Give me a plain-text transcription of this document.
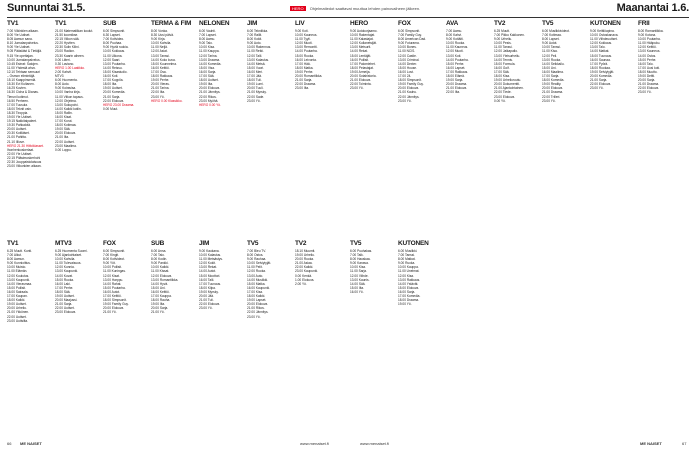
Sunnuntai 31.5.	HERO Ohjelmatiedot saattavat muuttua lehden painovaiheen jälkeen.	Maanantai 1.6.
TV1
7.00 Viikinkien aikaan.
8.00 Yle Uutiset.
8.05 Aamun sana.
8.10 Jumalanpalvelus.
9.00 Yle Uutiset.
9.05 Pääsiäist & Tietäjiä.
9.15 Yle opettajan.
10.00 Jumalanpalvelus.
10.45 Esirrat: Satojen.
11.00 Yhdestä ahvo.
12.10 Tehtaan sensuuri
– Osmon elimintäjä.
15.10 Kaappinseniä.
15.30 Evi Kultanen.
16.25 Kuvien.
16.30 Cicha & Dianas.
Tieruni kotimut.
16.50 Perheen.
17.00 Tuusula.
18.00 Teknit vain.
18.30 Tiroppia.
19.00 Yle Uutiset.
19.15 Nakkitaipaleet.
19.30 Pahkalotä.
20.00 Uutiset.
20.30 Kotiläiset.
21.00 Pahitta.
21.10 Illiuve.
HERO 21.30 Hiifoiklasset.
Ihonhenkoskerlaat.
22.00 Yle Uutiset.
22.15 Pitäsimoskerhohi
22.30 Jouppaistolaisuus
23.00 Viikunkien aikaan.
TV1
21.00 Matematiikan koulut.
21.50 koomikse.
22.15 Viikon sää.
22.20 Hyviten.
22.30 Sulin Kliini.
23.00 Radion.
23.30 Kaarin aiheen.
0.00 Liiteri.
0.30 Laviano.
HERO 1.00 Laatikko.
2.00 Kahvit.
MTV3
6.00 Huomenta.
8.00 Auto.
9.00 Koiravisa.
10.00 Vanha kirja.
11.00 Viikon tapaus.
12.00 Ohjelma.
13.00 Sukupolvi.
14.00 Kaikki kotiin.
15.00 Rallin.
16.00 Kisat.
17.00 Korut.
18.00 Kotimaa.
19.00 Sää.
20.00 Elokuva.
21.00 Ilta.
22.00 Uutiset.
23.00 Maailma.
0.00 Loppu.
SUB
6.00 Simpsonit.
6.30 Lapset.
7.00 Kotivideo.
8.00 Puuhaa.
9.00 Hyviä ruokia.
10.00 Kokkaus.
11.00 Ulkona.
12.00 Saari.
13.00 Puutarha.
14.00 Reissu.
15.00 Kisastudio.
16.00 Koti.
17.00 Kuppila.
18.00 Ilta.
19.00 Uutiset.
20.00 Komedia.
21.00 Sarja.
22.00 Elokuva.
HERO 23.00 Draama.
0.00 Muut.
TERMA & FIM
8.00 Vonka.
8.30 Uusi päivä.
9.00 Kirja.
10.00 Kahvila.
11.00 Neljä.
12.00 Asiat.
13.00 Tanssi.
14.00 Koko kuva.
15.00 Kuunnelma.
16.00 Keittiö.
17.00 Osa.
18.00 Rakkaus.
19.00 Perhe.
20.00 Vieras.
21.00 Tarina.
22.00 Ilta.
23.00 Yö.
HERO 0.00 Klassikko.
NELONEN
6.00 Vauhti.
7.00 Lapset.
8.00 Aamu.
9.00 Talo.
10.00 Kisa.
11.00 Kauppa.
12.00 Tarina.
13.00 Draama.
14.00 Komedia.
15.00 Visa.
16.00 Sarja.
17.00 Sää.
18.00 Uutiset.
19.00 Ilta.
20.00 Elokuva.
21.00 Jännitys.
22.00 Rikos.
23.00 Myöhä.
HERO 0.00 Yö.
JIM
6.00 Tekniikka.
7.00 Rallit.
8.00 Kokit.
9.00 Auto.
10.00 Rakennus.
11.00 Retki.
12.00 Talli.
13.00 Kalastus.
14.00 Metsä.
15.00 Vuori.
16.00 Meri.
17.00 Jää.
18.00 Tuli.
19.00 Lumi.
20.00 Tuuli.
21.00 Myrsky.
22.00 Sade.
23.00 Yö.
LIV
9.00 Koti.
10.00 Kauneus.
11.00 Tyyli.
12.00 Muoti.
13.00 Remontti.
14.00 Puutarha.
15.00 Ruoka.
16.00 Leivonta.
17.00 Hää.
18.00 Matka.
19.00 Perhe.
20.00 Romantiikka.
21.00 Sarja.
22.00 Draama.
23.00 Ilta.
HERO
9.00 Autokorjaamo.
10.00 Rakentajat.
11.00 Kalastajat.
12.00 Kullanetsijät.
13.00 Metsurit.
14.00 Rekat.
15.00 Lentäjät.
16.00 Poliisit.
17.00 Palomiehet.
18.00 Pelastajat.
19.00 Armeija.
20.00 Sotahistoria.
21.00 Elokuva.
22.00 Toiminta.
23.00 Yö.
FOX
6.00 Simpsonit.
7.00 Family Guy.
8.00 American Dad.
9.00 Futurama.
10.00 Bones.
11.00 NCIS.
12.00 Castle.
13.00 Criminal.
14.00 Dexter.
15.00 House.
16.00 Lost.
17.00 24.
18.00 Simpsonit.
19.00 Family Guy.
20.00 Elokuva.
21.00 Kauhu.
22.00 Jännitys.
23.00 Yö.
AVA
7.00 Aamu.
8.00 Kahvi.
9.00 Kotiäiti.
10.00 Ruoka.
11.00 Kauneus.
12.00 Muoti.
13.00 Koti.
14.00 Puutarha.
15.00 Perhe.
16.00 Lapset.
17.00 Rakkaus.
18.00 Elämä.
19.00 Sarja.
20.00 Draama.
21.00 Elokuva.
22.00 Ilta.
TV2
6.25 Muutt.
7.00 Pikku Kakkonen.
9.00 Urheilu.
10.00 Pesis.
11.00 Tanssi.
12.00 Jalkapallo.
13.00 Yleisurheilu.
14.00 Tennis.
15.00 Formula.
16.00 Golf.
17.00 Sää.
18.00 Kisa.
19.00 Urheiluruutu.
20.00 Dokumentti.
21.00 Ajankohtainen.
22.00 Tiede.
23.00 Elokuva.
0.00 Yö.
TV5
6.00 Musiikkivideot.
7.00 Kotimaa.
8.00 Lapset.
9.00 Autot.
10.00 Tanssi.
11.00 Kisa.
12.00 Peli.
13.00 Ruoka.
14.00 Seikkailu.
15.00 Uni.
16.00 Maailma.
17.00 Sarja.
18.00 Komedia.
19.00 Reality.
20.00 Elokuva.
21.00 Draama.
22.00 Trilleri.
23.00 Yö.
KUTONEN
9.00 Keittiöapina.
10.00 Ostoskanava.
11.00 Viihdeuutiset.
12.00 Kokkaus.
13.00 Talo.
14.00 Matkat.
15.00 Tuunaus.
16.00 Saunaa.
17.00 Pyörä.
18.00 Ruokaa.
19.00 Selviytyjät.
20.00 Komedia.
21.00 Sarja.
22.00 Elokuva.
23.00 Yö.
FRII
8.00 Romantiikka.
9.00 Kotona.
10.00 Puutarha.
11.00 Hääpuku.
12.00 Keittiö.
13.00 Kauneus.
14.00 Ostos.
15.00 Perhe.
16.00 Talo.
17.00 Uusi koti.
18.00 Muutto.
19.00 Deitti.
20.00 Sarja.
21.00 Draama.
22.00 Elokuva.
23.00 Yö.
TV1
6.25 Muutt. Kunti.
7.00 Alkut.
8.00 Aamun.
9.00 Kunnioittus.
10.00 Muisto.
11.00 Elämän.
12.00 Kuulutus.
13.00 Kaupunki.
14.00 Vierasmaa.
15.00 Poliisit.
16.00 Sairaala.
17.00 Kaupan.
18.00 Kaikki.
19.00 Uutiset.
20.00 Urheilu.
21.00 Ykkönen.
22.00 Uutiset.
23.00 Uutisilta.
MTV3
6.25 Huomenta Suomi.
9.00 Ajankohtaiset.
10.00 Kahvila.
11.00 Tulevaisuus.
12.00 Kunnia.
13.00 Kaupunki.
14.00 Kuvat.
15.00 Ruoka.
16.00 Laki.
17.00 Perhe.
18.00 Sää.
19.00 Uutiset.
20.00 Maajussi.
21.00 Sarja.
22.00 Uutiset.
23.00 Elokuva.
FOX
6.00 Simpsonit.
7.00 Kingit.
8.00 Kotivideot.
9.00 Yöt.
10.00 Poliisit.
11.00 Kuningas.
12.00 Kisat.
13.00 Harppu.
14.00 Rahat.
15.00 Puutarha.
16.00 Autot.
17.00 Keittiö.
18.00 Simpsonit.
19.00 Family Guy.
20.00 Elokuva.
21.00 Yö.
SUB
6.00 Anna.
7.00 Talo.
8.00 Kodin.
9.00 Pankki.
10.00 Kaikki.
11.00 Kissat.
12.00 Elokuva.
13.00 Romantiikka.
14.00 Hyvä.
15.00 Uni.
16.00 Keittiö.
17.00 Kauppa.
18.00 Rauha.
19.00 Ilta.
20.00 Sarja.
21.00 Yö.
JIM
9.00 Kaukana.
10.00 Kalastus.
11.00 Metsästys.
12.00 Kokit.
13.00 Rekat.
14.00 Autot.
15.00 Moottori.
16.00 Talli.
17.00 Tuunaus.
18.00 Kilpa.
19.00 Myrsky.
20.00 Jää.
21.00 Tuli.
22.00 Elokuva.
23.00 Yö.
TV5
7.00 Bleu TV.
8.00 Ostos.
9.00 Rauhaa.
10.00 Selviytyjät.
11.00 Pelit.
12.00 Ruoka.
13.00 Auto.
14.00 Musiikki.
15.00 Matka.
16.00 Kaupunki.
17.00 Kisa.
18.00 Kaikki.
19.00 Lapset.
20.00 Elokuva.
21.00 Rikos.
22.00 Jännitys.
23.00 Yö.
TV2
18.10 Muumit.
19.00 Urheilu.
20.00 Ruoka.
21.00 Asiaa.
22.00 Kaikki.
23.00 Kaupunki.
0.00 Kenkä.
1.00 Elokuva.
2.00 Yö.
TV5
6.00 Puuhakas.
7.00 Talk.
8.00 Hauskaa.
9.00 Kanava.
10.00 Kisa.
11.00 Sarja.
12.00 Viihde.
13.00 Kaunis.
14.00 Sää.
15.00 Ilta.
16.00 Yö.
KUTONEN
6.00 Musiikki.
7.00 Tanssi.
8.00 Matkat.
9.00 Ruoka.
10.00 Kauppa.
11.00 Unelmat.
12.00 Kisa.
13.00 Rakkaus.
14.00 Ystävät.
15.00 Elokuva.
16.00 Sarja.
17.00 Komedia.
18.00 Draama.
19.00 Yö.
66 ME NAISET	www.menaiset.fi	www.menaiset.fi	ME NAISET	67
